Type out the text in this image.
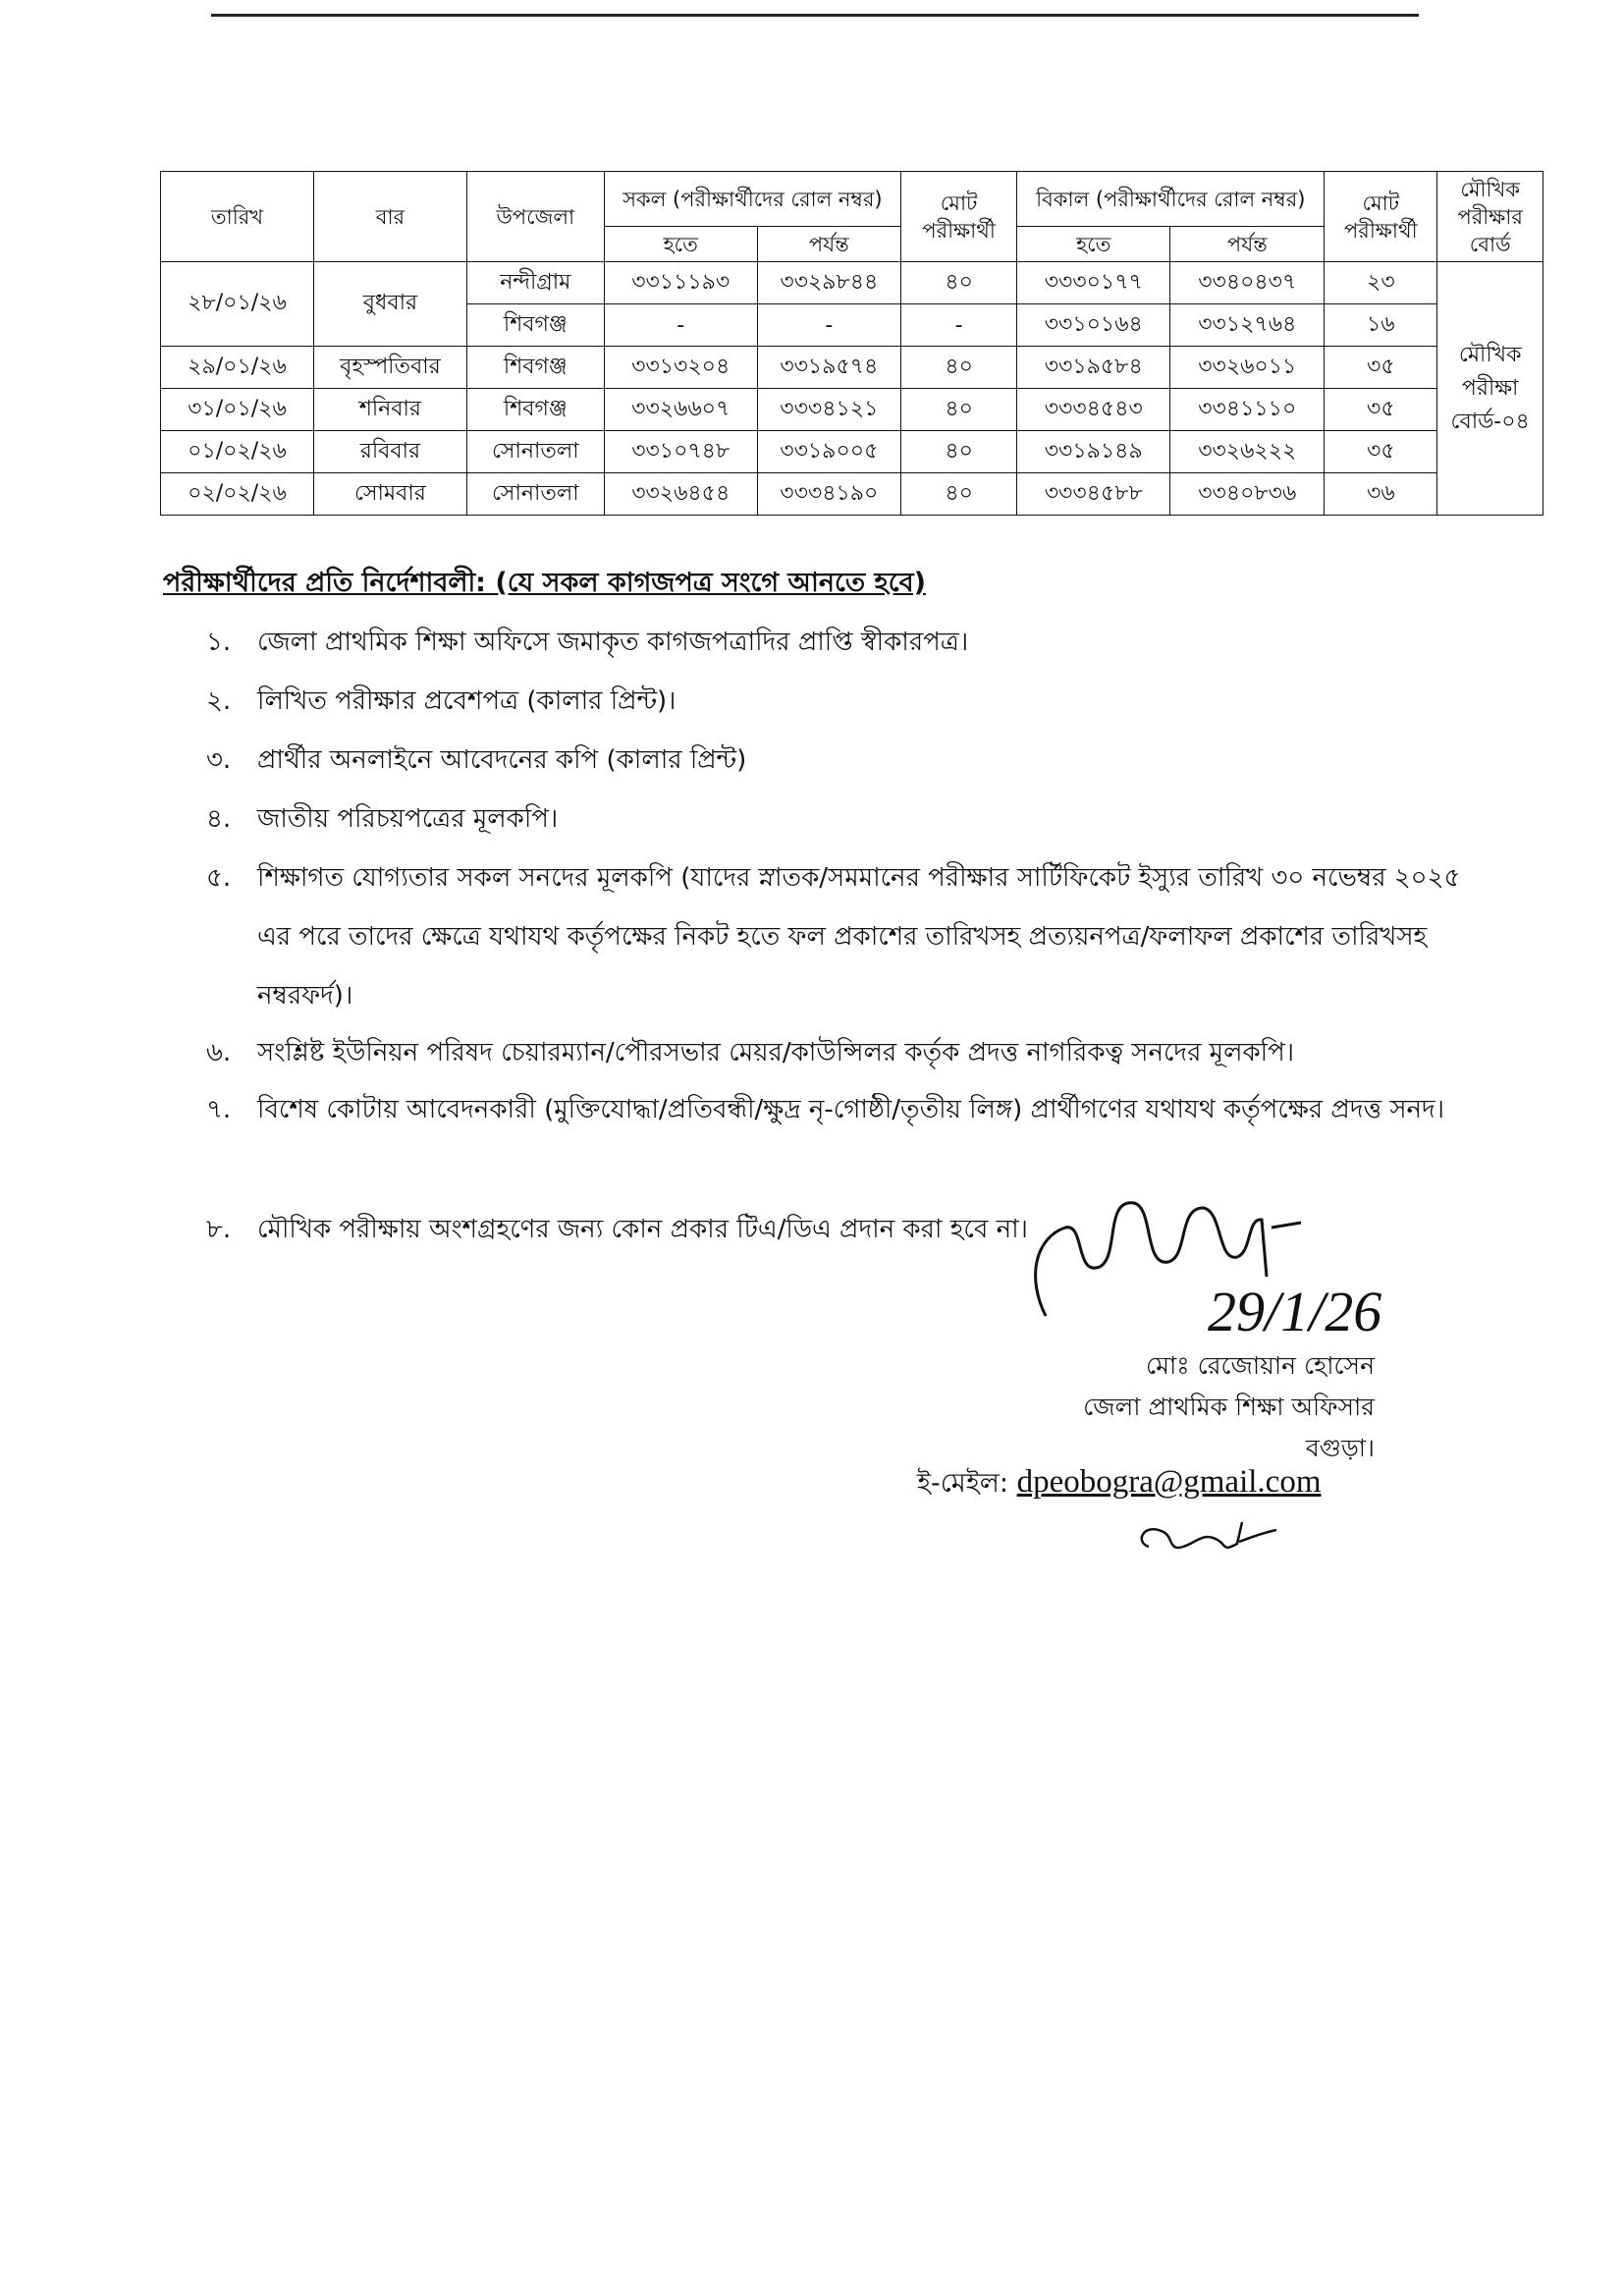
তারিখ	বার	উপজেলা	সকল (পরীক্ষার্থীদের রোল নম্বর)		মোট পরীক্ষার্থী	বিকাল (পরীক্ষার্থীদের রোল নম্বর)		মোট পরীক্ষার্থী	মৌখিক পরীক্ষার বোর্ড
			হতে	পর্যন্ত		হতে	পর্যন্ত		
২৮/০১/২৬	বুধবার	নন্দীগ্রাম	৩৩১১১৯৩	৩৩২৯৮৪৪	৪০	৩৩৩০১৭৭	৩৩৪০৪৩৭	২৩	মৌখিক পরীক্ষা বোর্ড-০৪
		শিবগঞ্জ	-	-	-	৩৩১০১৬৪	৩৩১২৭৬৪	১৬	
২৯/০১/২৬	বৃহস্পতিবার	শিবগঞ্জ	৩৩১৩২০৪	৩৩১৯৫৭৪	৪০	৩৩১৯৫৮৪	৩৩২৬০১১	৩৫	
৩১/০১/২৬	শনিবার	শিবগঞ্জ	৩৩২৬৬০৭	৩৩৩৪১২১	৪০	৩৩৩৪৫৪৩	৩৩৪১১১০	৩৫	
০১/০২/২৬	রবিবার	সোনাতলা	৩৩১০৭৪৮	৩৩১৯০০৫	৪০	৩৩১৯১৪৯	৩৩২৬২২২	৩৫	
০২/০২/২৬	সোমবার	সোনাতলা	৩৩২৬৪৫৪	৩৩৩৪১৯০	৪০	৩৩৩৪৫৮৮	৩৩৪০৮৩৬	৩৬	
পরীক্ষার্থীদের প্রতি নির্দেশাবলী: (যে সকল কাগজপত্র সংগে আনতে হবে)
১.	জেলা প্রাথমিক শিক্ষা অফিসে জমাকৃত কাগজপত্রাদির প্রাপ্তি স্বীকারপত্র।
২.	লিখিত পরীক্ষার প্রবেশপত্র (কালার প্রিন্ট)।
৩.	প্রার্থীর অনলাইনে আবেদনের কপি (কালার প্রিন্ট)
৪.	জাতীয় পরিচয়পত্রের মূলকপি।
৫.	শিক্ষাগত যোগ্যতার সকল সনদের মূলকপি (যাদের স্নাতক/সমমানের পরীক্ষার সার্টিফিকেট ইস্যুর তারিখ ৩০ নভেম্বর ২০২৫ এর পরে তাদের ক্ষেত্রে যথাযথ কর্তৃপক্ষের নিকট হতে ফল প্রকাশের তারিখসহ প্রত্যয়নপত্র/ফলাফল প্রকাশের তারিখসহ নম্বরফর্দ)।
৬.	সংশ্লিষ্ট ইউনিয়ন পরিষদ চেয়ারম্যান/পৌরসভার মেয়র/কাউন্সিলর কর্তৃক প্রদত্ত নাগরিকত্ব সনদের মূলকপি।
৭.	বিশেষ কোটায় আবেদনকারী (মুক্তিযোদ্ধা/প্রতিবন্ধী/ক্ষুদ্র নৃ-গোষ্ঠী/তৃতীয় লিঙ্গ) প্রার্থীগণের যথাযথ কর্তৃপক্ষের প্রদত্ত সনদ।
৮.	মৌখিক পরীক্ষায় অংশগ্রহণের জন্য কোন প্রকার টিএ/ডিএ প্রদান করা হবে না।
29/1/26
মোঃ রেজোয়ান হোসেন
জেলা প্রাথমিক শিক্ষা অফিসার
বগুড়া।
ই-মেইল: dpeobogra@gmail.com
